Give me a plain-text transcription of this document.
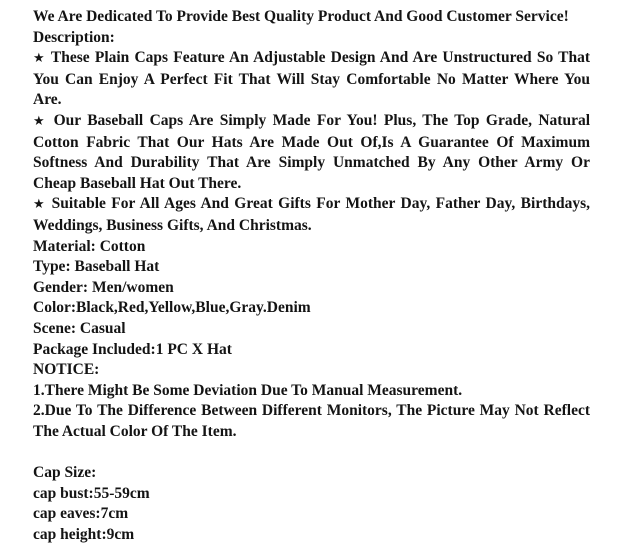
We Are Dedicated To Provide Best Quality Product And Good Customer Service!
Description:
★ These Plain Caps Feature An Adjustable Design And Are Unstructured So That You Can Enjoy A Perfect Fit That Will Stay Comfortable No Matter Where You Are.
★ Our Baseball Caps Are Simply Made For You! Plus, The Top Grade, Natural Cotton Fabric That Our Hats Are Made Out Of,Is A Guarantee Of Maximum Softness And Durability That Are Simply Unmatched By Any Other Army Or Cheap Baseball Hat Out There.
★ Suitable For All Ages And Great Gifts For Mother Day, Father Day, Birthdays, Weddings, Business Gifts, And Christmas.
Material: Cotton
Type: Baseball Hat
Gender: Men/women
Color:Black,Red,Yellow,Blue,Gray.Denim
Scene: Casual
Package Included:1 PC X Hat
NOTICE:
1.There Might Be Some Deviation Due To Manual Measurement.
2.Due To The Difference Between Different Monitors, The Picture May Not Reflect The Actual Color Of The Item.
Cap Size:
cap bust:55-59cm
cap eaves:7cm
cap height:9cm
